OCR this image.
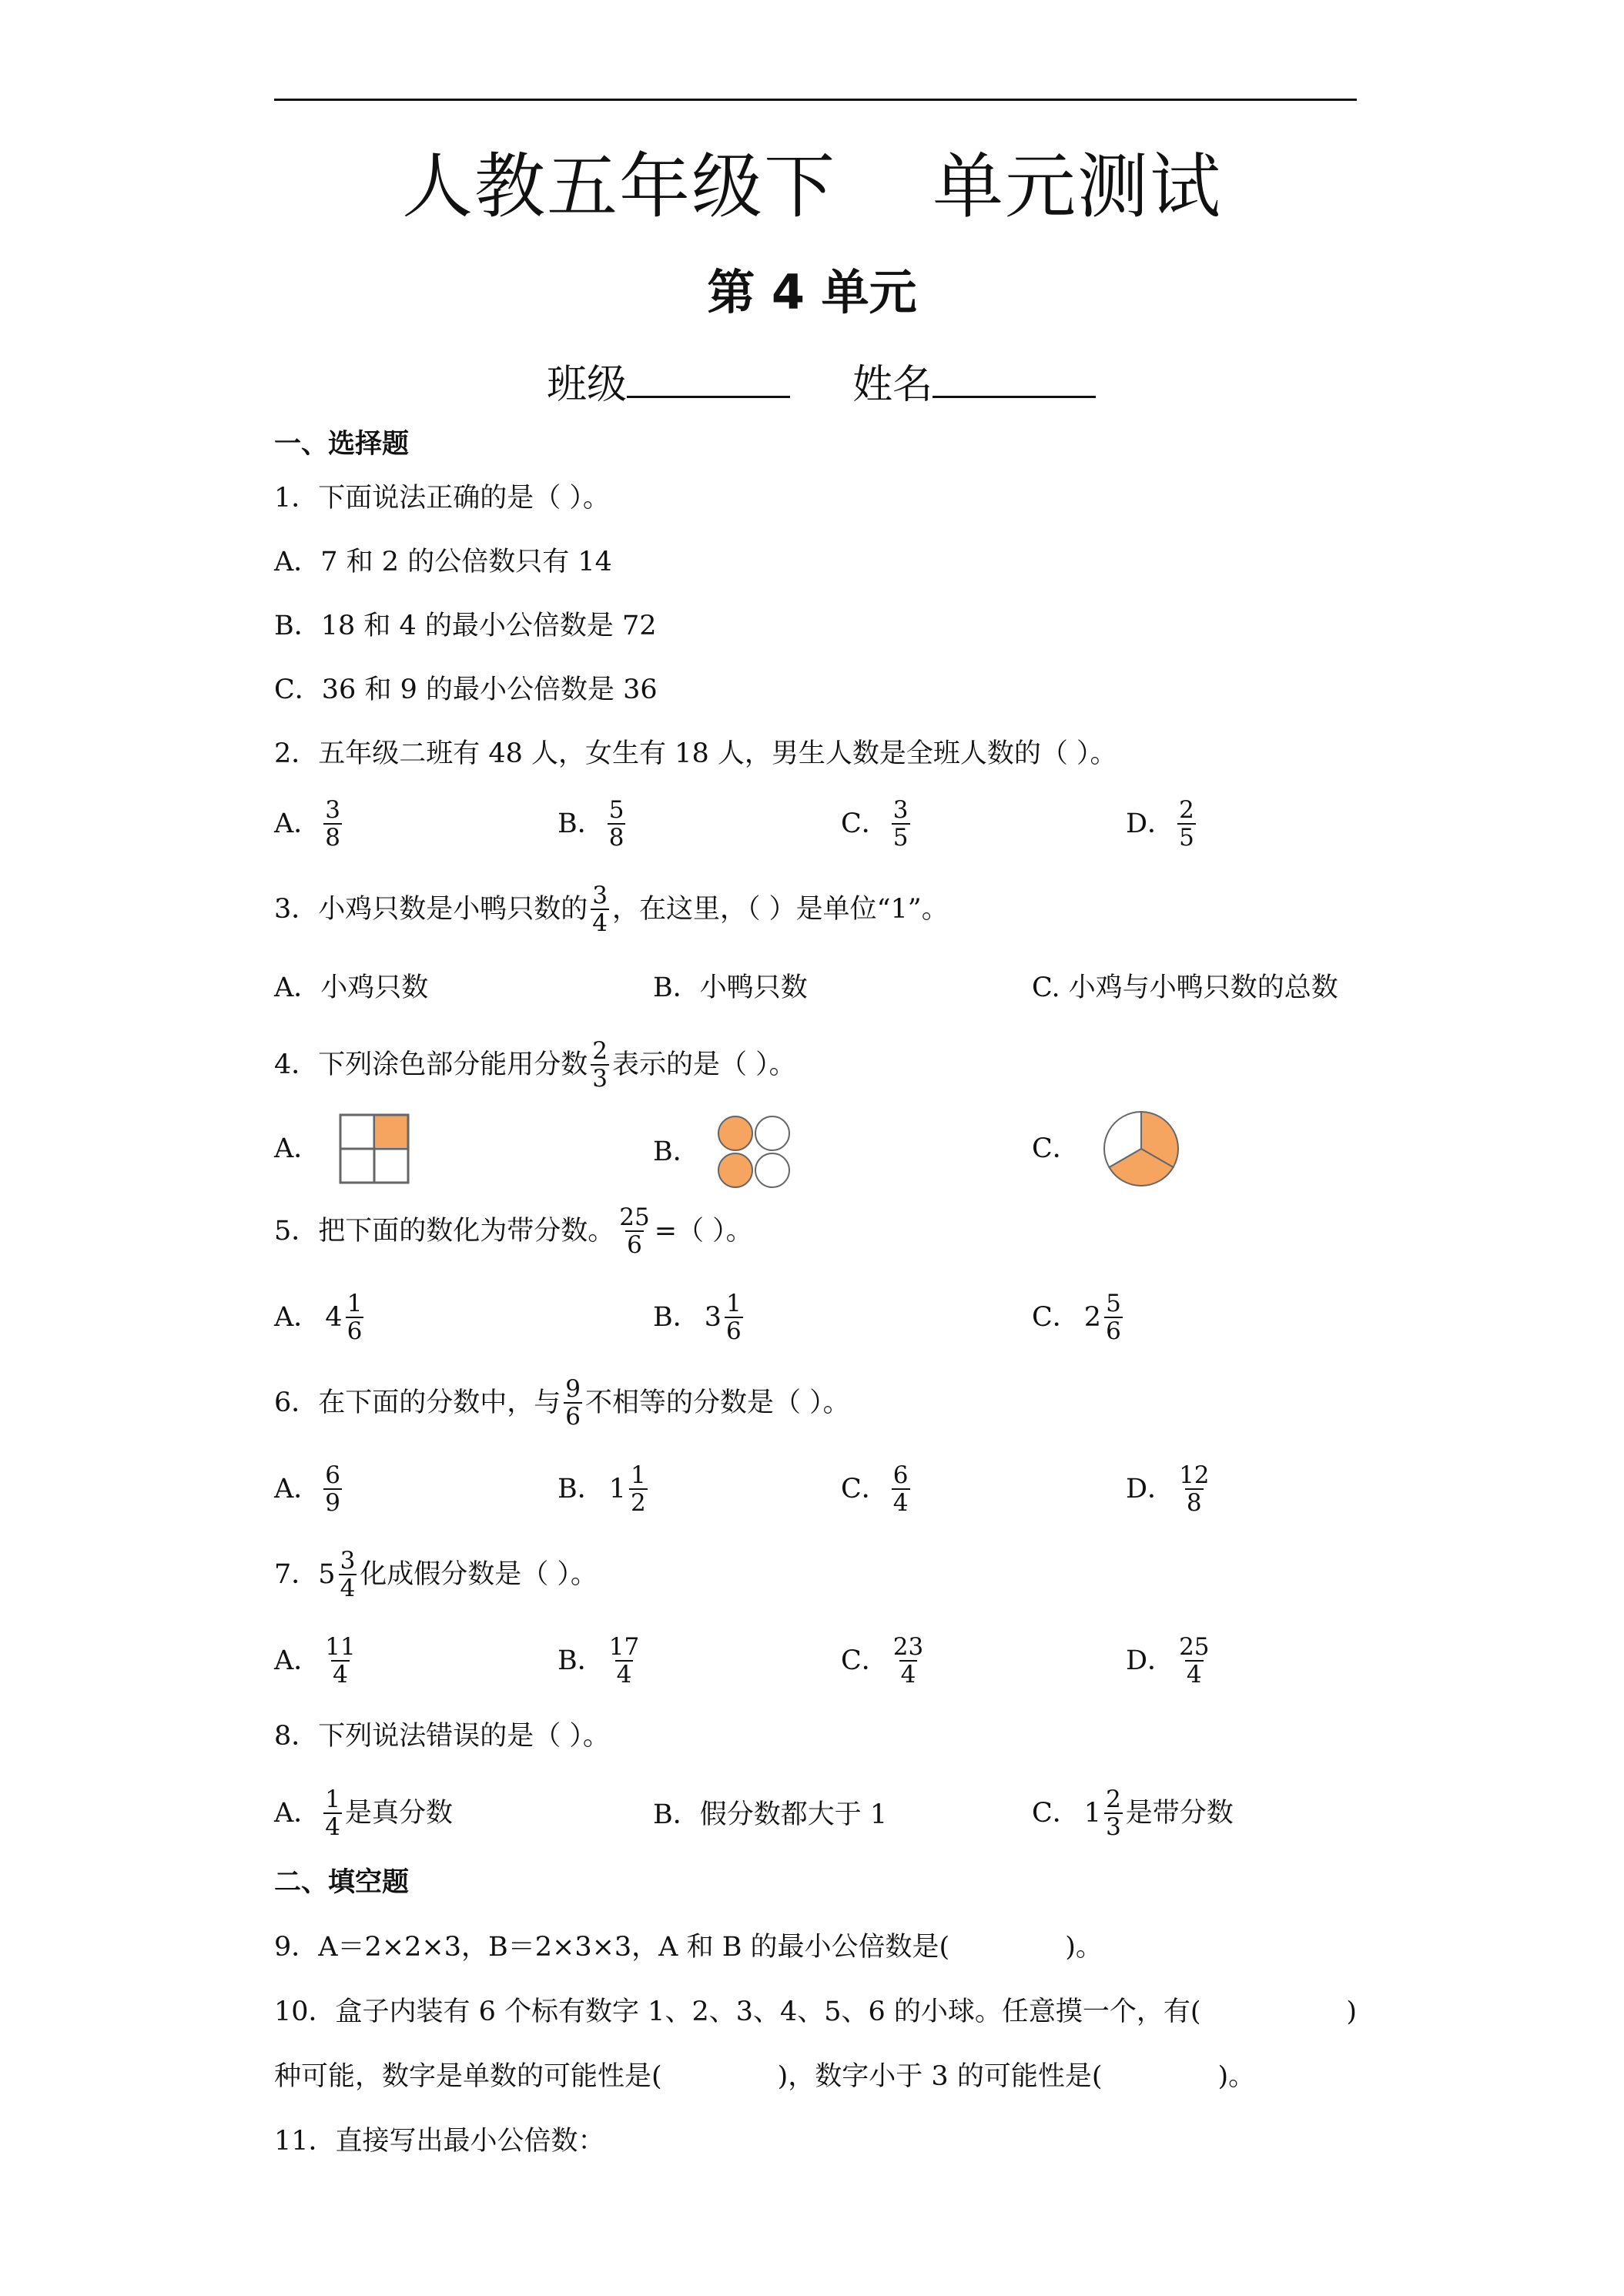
人教五年级下    单元测试
第 4 单元
班级	姓名
一、选择题
1．下面说法正确的是（ ）。
A．7 和 2 的公倍数只有 14
B．18 和 4 的最小公倍数是 72
C．36 和 9 的最小公倍数是 36
2．五年级二班有 48 人，女生有 18 人，男生人数是全班人数的（ ）。
A． $\frac{3}{8}$	B． $\frac{5}{8}$	C． $\frac{3}{5}$	D． $\frac{2}{5}$
3．小鸡只数是小鸭只数的 $\frac{3}{4}$ ，在这里，（ ）是单位“1”。
A．小鸡只数	B．小鸭只数	C. 小鸡与小鸭只数的总数
4．下列涂色部分能用分数 $\frac{2}{3}$ 表示的是（ ）。
A．	B．	C．
5．把下面的数化为带分数。 $\frac{25}{6}$ =（ ）。
A． $4 \frac{1}{6}$	B． $3 \frac{1}{6}$	C． $2 \frac{5}{6}$
6．在下面的分数中，与 $\frac{9}{6}$ 不相等的分数是（ ）。
A． $\frac{6}{9}$	B． $1 \frac{1}{2}$	C． $\frac{6}{4}$	D． $\frac{12}{8}$
7． $5 \frac{3}{4}$ 化成假分数是（ ）。
A． $\frac{11}{4}$	B． $\frac{17}{4}$	C． $\frac{23}{4}$	D． $\frac{25}{4}$
8．下列说法错误的是（ ）。
A． $\frac{1}{4}$ 是真分数	B．假分数都大于 1	C． $1 \frac{2}{3}$ 是带分数
二、填空题
9．A＝2×2×3，B＝2×3×3，A 和 B 的最小公倍数是(	)。
10．盒子内装有 6 个标有数字 1、2、3、4、5、6 的小球。任意摸一个，有(	)
种可能，数字是单数的可能性是(	)，数字小于 3 的可能性是(	)。
11．直接写出最小公倍数：
